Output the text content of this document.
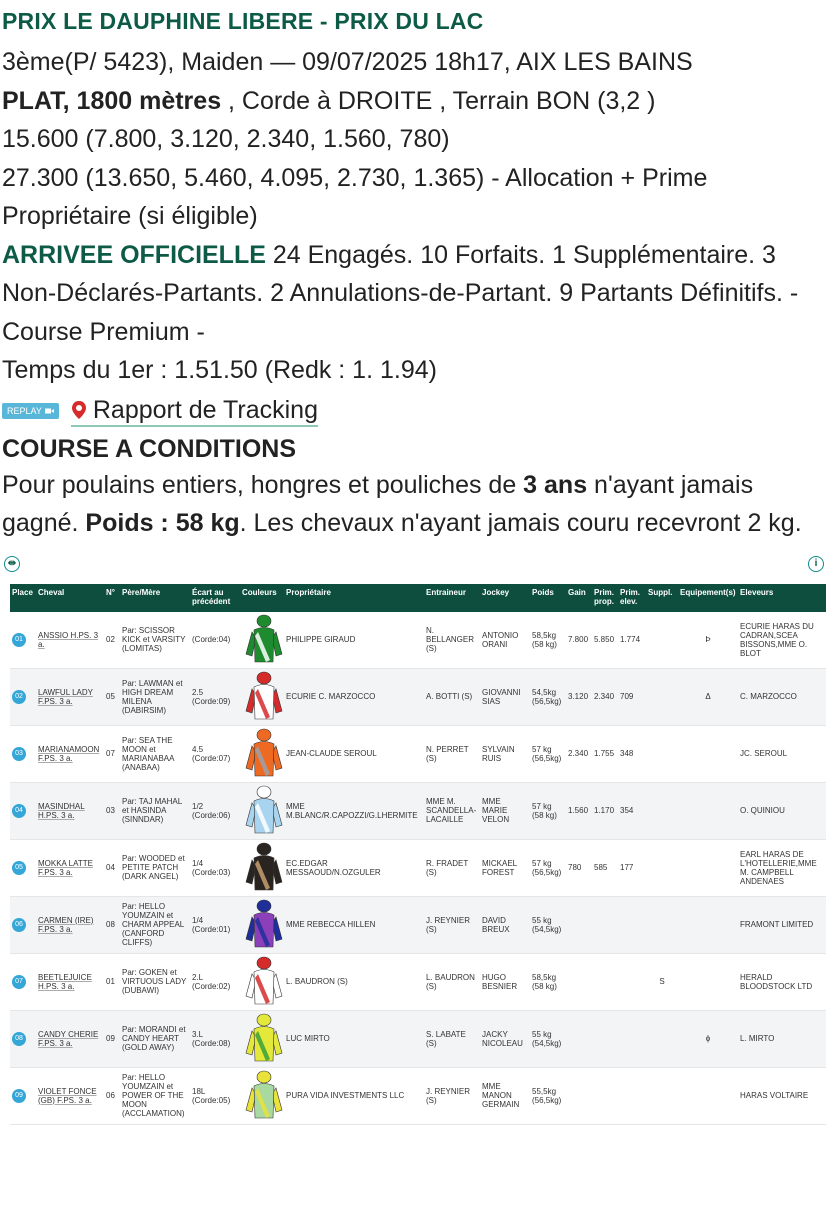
PRIX LE DAUPHINE LIBERE - PRIX DU LAC
3ème(P/ 5423), Maiden — 09/07/2025 18h17, AIX LES BAINS
PLAT, 1800 mètres , Corde à DROITE , Terrain BON (3,2 )
15.600 (7.800, 3.120, 2.340, 1.560, 780)
27.300 (13.650, 5.460, 4.095, 2.730, 1.365) - Allocation + Prime Propriétaire (si éligible)
ARRIVEE OFFICIELLE 24 Engagés. 10 Forfaits. 1 Supplémentaire. 3 Non-Déclarés-Partants. 2 Annulations-de-Partant. 9 Partants Définitifs. - Course Premium -
Temps du 1er : 1.51.50 (Redk : 1. 1.94)
REPLAY Rapport de Tracking
COURSE A CONDITIONS
Pour poulains entiers, hongres et pouliches de 3 ans n'ayant jamais gagné. Poids : 58 kg. Les chevaux n'ayant jamais couru recevront 2 kg.
⇹	i
Place	Cheval	N°	Père/Mère	Écart au précédent	Couleurs	Propriétaire	Entraineur	Jockey	Poids	Gain	Prim. prop.	Prim. elev.	Suppl.	Equipement(s)	Eleveurs

01	ANSSIO H.PS. 3 a.	02	Par: SCISSOR KICK et VARSITY (LOMITAS)	(Corde:04)		PHILIPPE GIRAUD	N. BELLANGER (S)	ANTONIO ORANI	58,5kg (58 kg)	7.800	5.850	1.774		Þ	ECURIE HARAS DU CADRAN,SCEA BISSONS,MME O. BLOT

02	LAWFUL LADY F.PS. 3 a.	05	Par: LAWMAN et HIGH DREAM MILENA (DABIRSIM)	2.5 (Corde:09)		ECURIE C. MARZOCCO	A. BOTTI (S)	GIOVANNI SIAS	54,5kg (56,5kg)	3.120	2.340	709		Δ	C. MARZOCCO

03	MARIANAMOON F.PS. 3 a.	07	Par: SEA THE MOON et MARIANABAA (ANABAA)	4.5 (Corde:07)		JEAN-CLAUDE SEROUL	N. PERRET (S)	SYLVAIN RUIS	57 kg (56,5kg)	2.340	1.755	348			JC. SEROUL

04	MASINDHAL H.PS. 3 a.	03	Par: TAJ MAHAL et HASINDA (SINNDAR)	1/2 (Corde:06)		MME M.BLANC/R.CAPOZZI/G.LHERMITE	MME M. SCANDELLA-LACAILLE	MME MARIE VELON	57 kg (58 kg)	1.560	1.170	354			O. QUINIOU

05	MOKKA LATTE F.PS. 3 a.	04	Par: WOODED et PETITE PATCH (DARK ANGEL)	1/4 (Corde:03)		EC.EDGAR MESSAOUD/N.OZGULER	R. FRADET (S)	MICKAEL FOREST	57 kg (56,5kg)	780	585	177			EARL HARAS DE L'HOTELLERIE,MME M. CAMPBELL ANDENAES

06	CARMEN (IRE) F.PS. 3 a.	08	Par: HELLO YOUMZAIN et CHARM APPEAL (CANFORD CLIFFS)	1/4 (Corde:01)		MME REBECCA HILLEN	J. REYNIER (S)	DAVID BREUX	55 kg (54,5kg)						FRAMONT LIMITED

07	BEETLEJUICE H.PS. 3 a.	01	Par: GOKEN et VIRTUOUS LADY (DUBAWI)	2.L (Corde:02)		L. BAUDRON (S)	L. BAUDRON (S)	HUGO BESNIER	58,5kg (58 kg)				S		HERALD BLOODSTOCK LTD

08	CANDY CHERIE F.PS. 3 a.	09	Par: MORANDI et CANDY HEART (GOLD AWAY)	3.L (Corde:08)		LUC MIRTO	S. LABATE (S)	JACKY NICOLEAU	55 kg (54,5kg)					ϕ	L. MIRTO

09	VIOLET FONCE (GB) F.PS. 3 a.	06	Par: HELLO YOUMZAIN et POWER OF THE MOON (ACCLAMATION)	18L (Corde:05)		PURA VIDA INVESTMENTS LLC	J. REYNIER (S)	MME MANON GERMAIN	55,5kg (56,5kg)						HARAS VOLTAIRE
